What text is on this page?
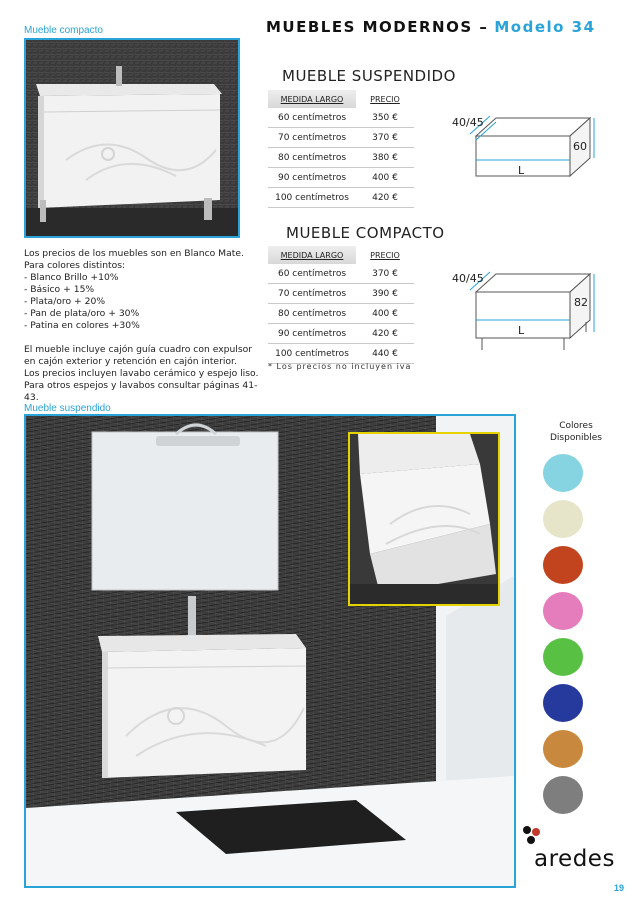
MUEBLES MODERNOS – Modelo 34
Mueble compacto

Los precios de los muebles son en Blanco Mate.

Para colores distintos:

- Blanco Brillo +10%

- Básico + 15%

- Plata/oro + 20%

- Pan de plata/oro + 30%

- Patina en colores +30%

El mueble incluye cajón guía cuadro con expulsor

en cajón exterior y retención en cajón interior.

Los precios incluyen lavabo cerámico y espejo liso.

Para otros espejos y lavabos consultar páginas 41-43.

MUEBLE SUSPENDIDO
MEDIDA LARGO	PRECIO
60 centímetros	350 €
70 centímetros	370 €
80 centímetros	380 €
90 centímetros	400 €
100 centímetros	420 €
40/45
60
L
MUEBLE COMPACTO
MEDIDA LARGO	PRECIO
60 centímetros	370 €
70 centímetros	390 €
80 centímetros	400 €
90 centímetros	420 €
100 centímetros	440 €
40/45
82
L
* Los precios no incluyen iva
Mueble suspendido
Colores
Disponibles
aredes
19
